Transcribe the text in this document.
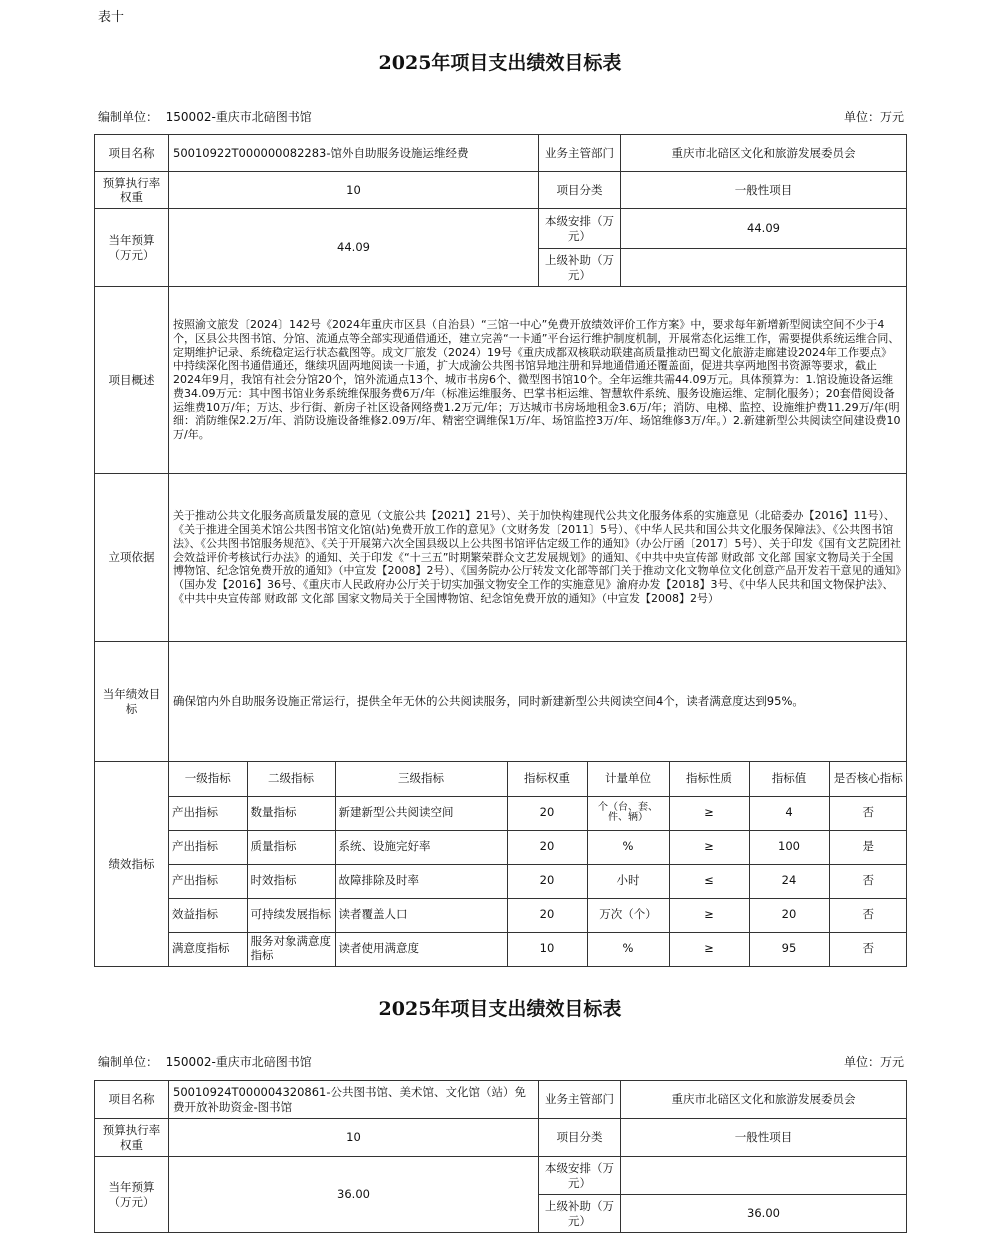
表十
2025年项目支出绩效目标表
编制单位： 150002-重庆市北碚图书馆	单位：万元
项目名称	50010922T000000082283-馆外自助服务设施运维经费	业务主管部门	重庆市北碚区文化和旅游发展委员会
预算执行率权重	10	项目分类	一般性项目
当年预算（万元）	44.09	本级安排（万元）	44.09
上级补助（万元）	
项目概述	按照渝文旅发〔2024〕142号《2024年重庆市区县（自治县）“三馆一中心”免费开放绩效评价工作方案》中，要求每年新增新型阅读空间不少于4个，区县公共图书馆、分馆、流通点等全部实现通借通还，建立完善“一卡通”平台运行维护制度机制，开展常态化运维工作，需要提供系统运维合同、定期维护记录、系统稳定运行状态截图等。成文厂旅发（2024）19号《重庆成都双核联动联建高质量推动巴蜀文化旅游走廊建设2024年工作要点》中持续深化图书通借通还，继续巩固两地阅读一卡通，扩大成渝公共图书馆异地注册和异地通借通还覆盖面，促进共享两地图书资源等要求，截止2024年9月，我馆有社会分馆20个，馆外流通点13个、城市书房6个、微型图书馆10个。全年运维共需44.09万元。具体预算为：1.馆设施设备运维费34.09万元：其中图书馆业务系统维保服务费6万/年（标准运维服务、巴掌书柜运维、智慧软件系统、服务设施运维、定制化服务）；20套借阅设备运维费10万/年；万达、步行街、新房子社区设备网络费1.2万元/年；万达城市书房场地租金3.6万/年；消防、电梯、监控、设施维护费11.29万/年(明细：消防维保2.2万/年、消防设施设备维修2.09万/年、精密空调维保1万/年、场馆监控3万/年、场馆维修3万/年。）2.新建新型公共阅读空间建设费10万/年。
立项依据	关于推动公共文化服务高质量发展的意见（文旅公共【2021】21号）、关于加快构建现代公共文化服务体系的实施意见（北碚委办【2016】11号）、《关于推进全国美术馆公共图书馆文化馆(站)免费开放工作的意见》（文财务发〔2011〕5号）、《中华人民共和国公共文化服务保障法》、《公共图书馆法》、《公共图书馆服务规范》、《关于开展第六次全国县级以上公共图书馆评估定级工作的通知》（办公厅函〔2017〕5号）、关于印发《国有文艺院团社会效益评价考核试行办法》的通知、关于印发《“十三五”时期繁荣群众文艺发展规划》的通知、《中共中央宣传部 财政部 文化部 国家文物局关于全国博物馆、纪念馆免费开放的通知》（中宣发【2008】2号）、《国务院办公厅转发文化部等部门关于推动文化文物单位文化创意产品开发若干意见的通知》（国办发【2016】36号、《重庆市人民政府办公厅关于切实加强文物安全工作的实施意见》渝府办发【2018】3号、《中华人民共和国文物保护法》、《中共中央宣传部 财政部 文化部 国家文物局关于全国博物馆、纪念馆免费开放的通知》（中宣发【2008】2号）
当年绩效目标	确保馆内外自助服务设施正常运行，提供全年无休的公共阅读服务，同时新建新型公共阅读空间4个，读者满意度达到95%。
绩效指标	
一级指标	二级指标	三级指标	指标权重	计量单位	指标性质	指标值	是否核心指标
产出指标	数量指标	新建新型公共阅读空间	20	个（台、套、件、辆）	≥	4	否
产出指标	质量指标	系统、设施完好率	20	%	≥	100	是
产出指标	时效指标	故障排除及时率	20	小时	≤	24	否
效益指标	可持续发展指标	读者覆盖人口	20	万次（个）	≥	20	否
满意度指标	服务对象满意度指标	读者使用满意度	10	%	≥	95	否
2025年项目支出绩效目标表
编制单位： 150002-重庆市北碚图书馆	单位：万元
项目名称	50010924T000004320861-公共图书馆、美术馆、文化馆（站）免费开放补助资金-图书馆	业务主管部门	重庆市北碚区文化和旅游发展委员会
预算执行率权重	10	项目分类	一般性项目
当年预算（万元）	36.00	本级安排（万元）	
		上级补助（万元）	36.00
